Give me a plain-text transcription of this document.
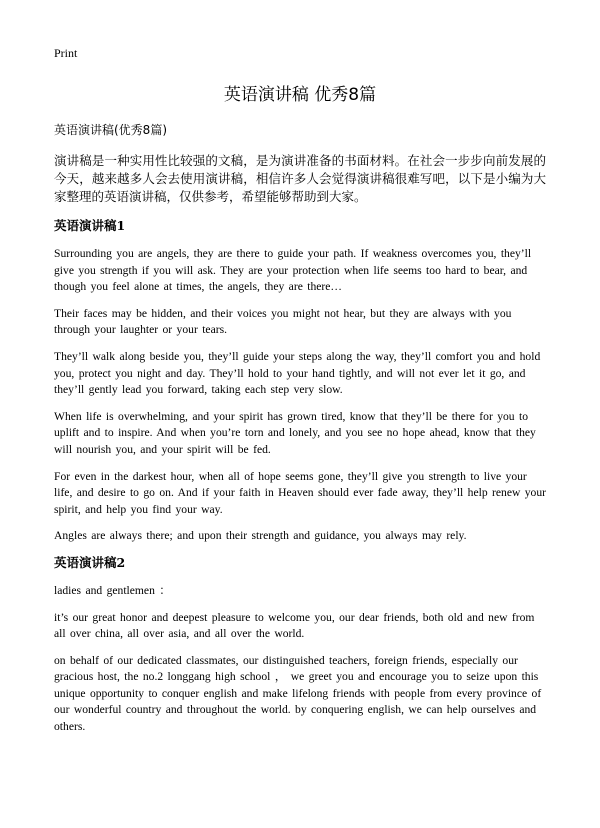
Print
英语演讲稿 优秀8篇

英语演讲稿(优秀8篇)

演讲稿是一种实用性比较强的文稿，是为演讲准备的书面材料。在社会一步步向前发展的今天，越来越多人会去使用演讲稿，相信许多人会觉得演讲稿很难写吧，以下是小编为大家整理的英语演讲稿，仅供参考，希望能够帮助到大家。

英语演讲稿1

Surrounding you are angels, they are there to guide your path. If weakness overcomes you, they’ll give you strength if you will ask. They are your protection when life seems too hard to bear, and though you feel alone at times, the angels, they are there…

Their faces may be hidden, and their voices you might not hear, but they are always with you through your laughter or your tears.

They’ll walk along beside you, they’ll guide your steps along the way, they’ll comfort you and hold you, protect you night and day. They’ll hold to your hand tightly, and will not ever let it go, and they’ll gently lead you forward, taking each step very slow.

When life is overwhelming, and your spirit has grown tired, know that they’ll be there for you to uplift and to inspire. And when you’re torn and lonely, and you see no hope ahead, know that they will nourish you, and your spirit will be fed.

For even in the darkest hour, when all of hope seems gone, they’ll give you strength to live your life, and desire to go on. And if your faith in Heaven should ever fade away, they’ll help renew your spirit, and help you find your way.

Angles are always there; and upon their strength and guidance, you always may rely.

英语演讲稿2

ladies and gentlemen ：

it’s our great honor and deepest pleasure to welcome you, our dear friends, both old and new from all over china, all over asia, and all over the world.

on behalf of our dedicated classmates, our distinguished teachers, foreign friends, especially our gracious host, the no.2 longgang high school ， we greet you and encourage you to seize upon this unique opportunity to conquer english and make lifelong friends with people from every province of our wonderful country and throughout the world. by conquering english, we can help ourselves and others.
